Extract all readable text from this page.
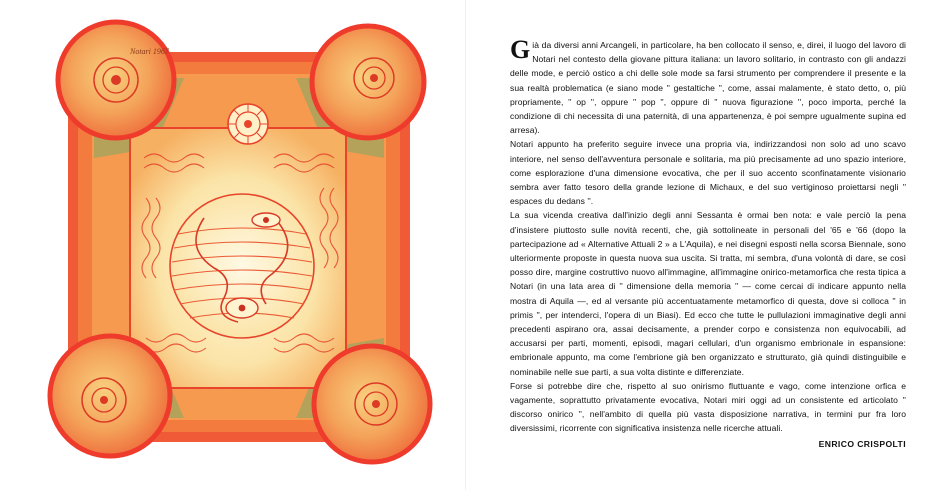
Notari 1967	Già da diversi anni Arcangeli, in particolare, ha ben collocato il senso, e, direi, il luogo del lavoro di Notari nel contesto della giovane pittura italiana: un lavoro solitario, in contrasto con gli andazzi delle mode, e perciò ostico a chi delle sole mode sa farsi strumento per comprendere il presente e la sua realtà problematica (e siano mode '' gestaltiche '', come, assai malamente, è stato detto, o, più propriamente, '' op '', oppure '' pop '', oppure di '' nuova figurazione '', poco importa, perché la condizione di chi necessita di una paternità, di una appartenenza, è poi sempre ugualmente supina ed arresa).

Notari appunto ha preferito seguire invece una propria via, indirizzandosi non solo ad uno scavo interiore, nel senso dell'avventura personale e solitaria, ma più precisamente ad uno spazio interiore, come esplorazione d'una dimensione evocativa, che per il suo accento sconfinatamente visionario sembra aver fatto tesoro della grande lezione di Michaux, e del suo vertiginoso proiettarsi negli '' espaces du dedans ''.

La sua vicenda creativa dall'inizio degli anni Sessanta è ormai ben nota: e vale perciò la pena d'insistere piuttosto sulle novità recenti, che, già sottolineate in personali del '65 e '66 (dopo la partecipazione ad « Alternative Attuali 2 » a L'Aquila), e nei disegni esposti nella scorsa Biennale, sono ulteriormente proposte in questa nuova sua uscita. Si tratta, mi sembra, d'una volontà di dare, se così posso dire, margine costruttivo nuovo all'immagine, all'immagine onirico-metamorfica che resta tipica a Notari (in una lata area di '' dimensione della memoria '' — come cercai di indicare appunto nella mostra di Aquila —, ed al versante più accentuatamente metamorfico di questa, dove si colloca '' in primis '', per intenderci, l'opera di un Biasi). Ed ecco che tutte le pullulazioni immaginative degli anni precedenti aspirano ora, assai decisamente, a prender corpo e consistenza non equivocabili, ad accusarsi per parti, momenti, episodi, magari cellulari, d'un organismo embrionale in espansione: embrionale appunto, ma come l'embrione già ben organizzato e strutturato, già quindi distinguibile e nominabile nelle sue parti, a sua volta distinte e differenziate.

Forse si potrebbe dire che, rispetto al suo onirismo fluttuante e vago, come intenzione orfica e vagamente, soprattutto privatamente evocativa, Notari miri oggi ad un consistente ed articolato '' discorso onirico '', nell'ambito di quella più vasta disposizione narrativa, in termini pur fra loro diversissimi, ricorrente con significativa insistenza nelle ricerche attuali.

ENRICO CRISPOLTI
